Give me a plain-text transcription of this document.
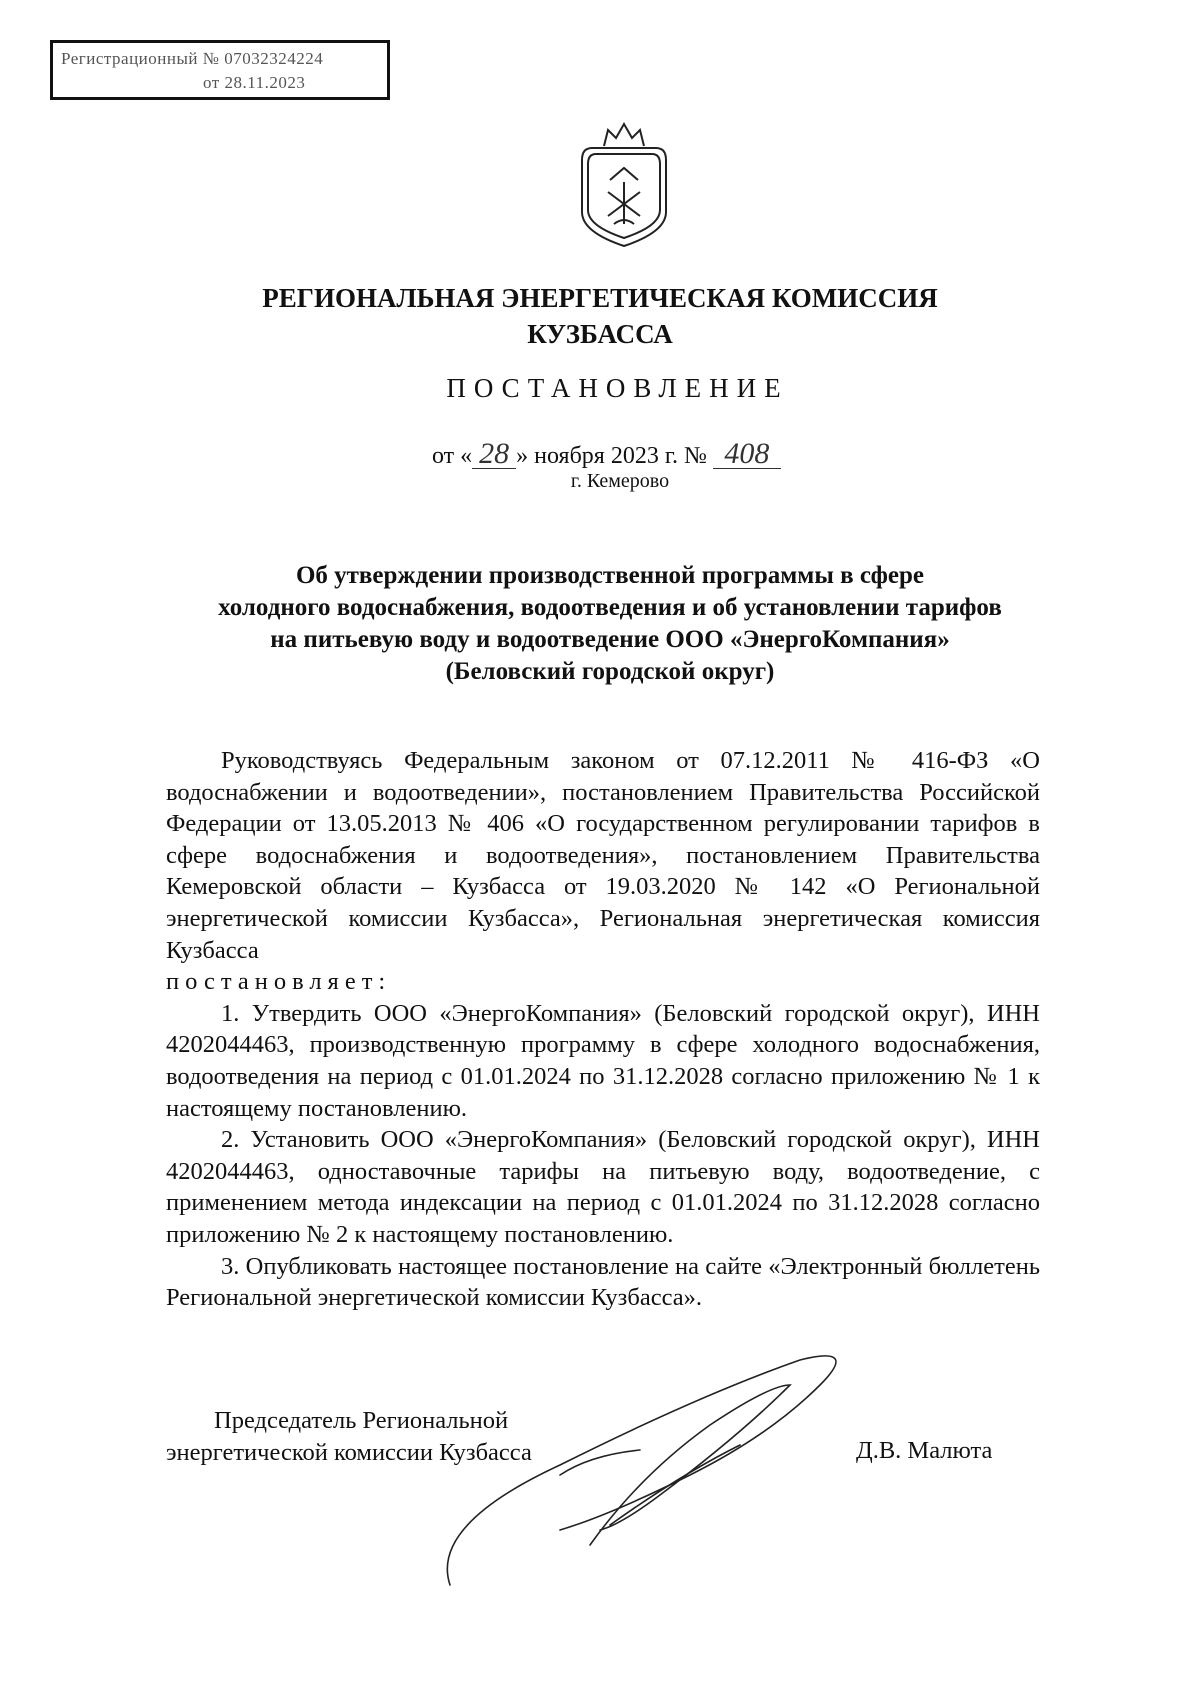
Регистрационный № 07032324224
от 28.11.2023
РЕГИОНАЛЬНАЯ ЭНЕРГЕТИЧЕСКАЯ КОМИССИЯ
КУЗБАССА
ПОСТАНОВЛЕНИЕ
от « 28 » ноября 2023 г. № 408
г. Кемерово
Об утверждении производственной программы в сфере
холодного водоснабжения, водоотведения и об установлении тарифов
на питьевую воду и водоотведение ООО «ЭнергоКомпания»
(Беловский городской округ)

Руководствуясь Федеральным законом от 07.12.2011 № 416-ФЗ «О водоснабжении и водоотведении», постановлением Правительства Российской Федерации от 13.05.2013 № 406 «О государственном регулировании тарифов в сфере водоснабжения и водоотведения», постановлением Правительства Кемеровской области – Кузбасса от 19.03.2020 № 142 «О Региональной энергетической комиссии Кузбасса», Региональная энергетическая комиссия Кузбасса

постановляет:

1. Утвердить ООО «ЭнергоКомпания» (Беловский городской округ), ИНН 4202044463, производственную программу в сфере холодного водоснабжения, водоотведения на период с 01.01.2024 по 31.12.2028 согласно приложению № 1 к настоящему постановлению.

2. Установить ООО «ЭнергоКомпания» (Беловский городской округ), ИНН 4202044463, одноставочные тарифы на питьевую воду, водоотведение, с применением метода индексации на период с 01.01.2024 по 31.12.2028 согласно приложению № 2 к настоящему постановлению.

3. Опубликовать настоящее постановление на сайте «Электронный бюллетень Региональной энергетической комиссии Кузбасса».

Председатель Региональной
энергетической комиссии Кузбасса	Д.В. Малюта
